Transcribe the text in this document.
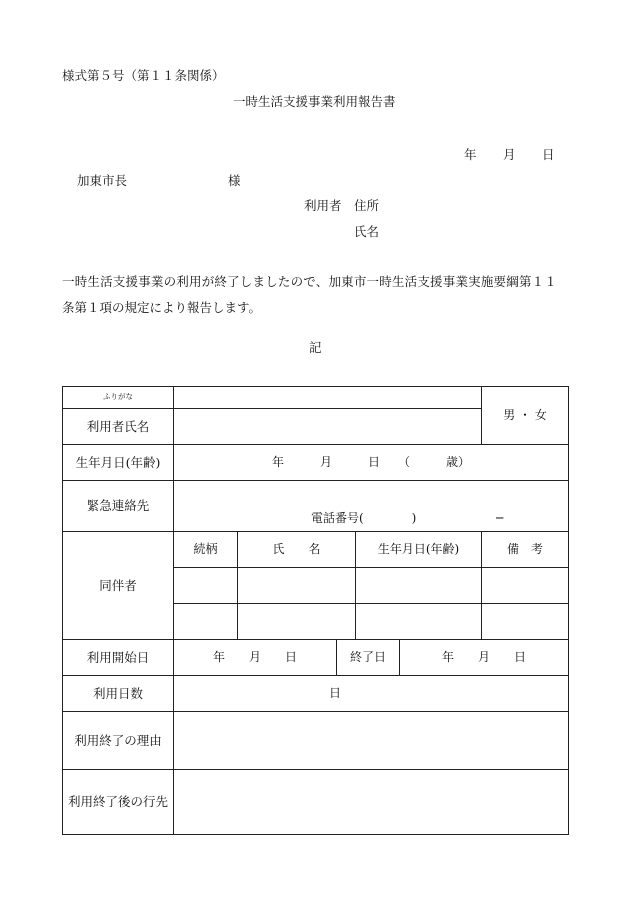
様式第５号（第１１条関係）
一時生活支援事業利用報告書
年 月 日
加東市長	様
利用者 住所
氏名
一時生活支援事業の利用が終了しましたので、加東市一時生活支援事業実施要綱第１１
条第１項の規定により報告します。
記
ふりがな						男 ・ 女
利用者氏名						
生年月日(年齢)	年　　　月　　　日　　（　　　歳）					
緊急連絡先	電話番号(　　　　) ─					

同伴者	続柄	氏　　名		生年月日(年齢)		備　考

利用開始日	年　　月　　日		終了日		年　　月　　日	
利用日数	日					
利用終了の理由						
利用終了後の行先						
